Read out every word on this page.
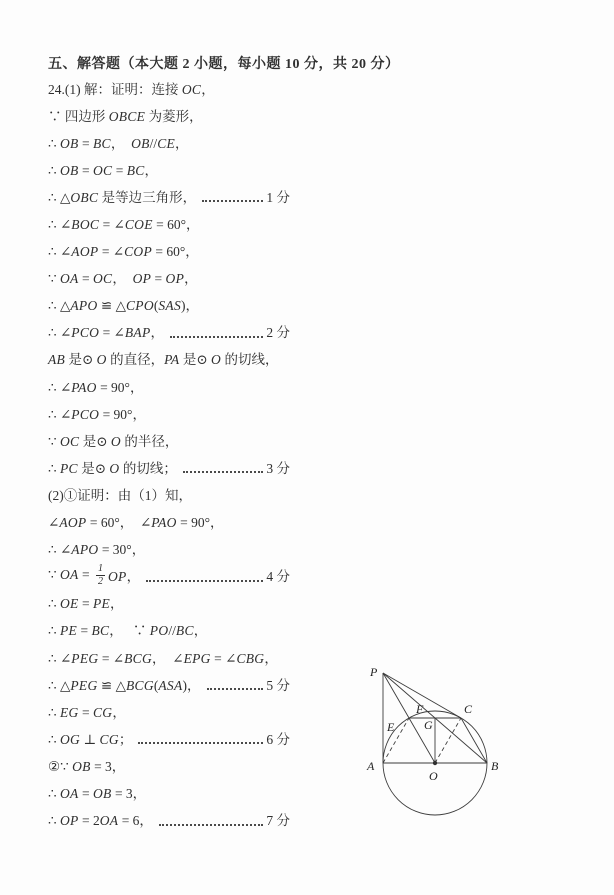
五、解答题（本大题 2 小题，每小题 10 分，共 20 分）
24.(1) 解：证明：连接 OC，
∵ 四边形 OBCE 为菱形，
∴ OB = BC，  OB//CE，
∴ OB = OC = BC，
∴ △OBC 是等边三角形，	1 分
∴ ∠BOC = ∠COE = 60°，
∴ ∠AOP = ∠COP = 60°，
∵ OA = OC，  OP = OP，
∴ △APO ≌ △CPO(SAS)，
∴ ∠PCO = ∠BAP，	2 分
AB 是⊙ O 的直径，PA 是⊙ O 的切线，
∴ ∠PAO = 90°，
∴ ∠PCO = 90°，
∵ OC 是⊙ O 的半径，
∴ PC 是⊙ O 的切线；	3 分
(2)①证明：由（1）知，
∠AOP = 60°，  ∠PAO = 90°，
∴ ∠APO = 30°，
∵ OA = $\frac{1}{2}$ OP，	4 分
∴ OE = PE，
∴ PE = BC，   ∵ PO//BC，
∴ ∠PEG = ∠BCG，  ∠EPG = ∠CBG，
∴ △PEG ≌ △BCG(ASA)，	5 分
∴ EG = CG，
∴ OG ⊥ CG；	6 分
②∵ OB = 3，
∴ OA = OB = 3，
∴ OP = 2OA = 6，	7 分
P
A	B
O
C
E
F
G
